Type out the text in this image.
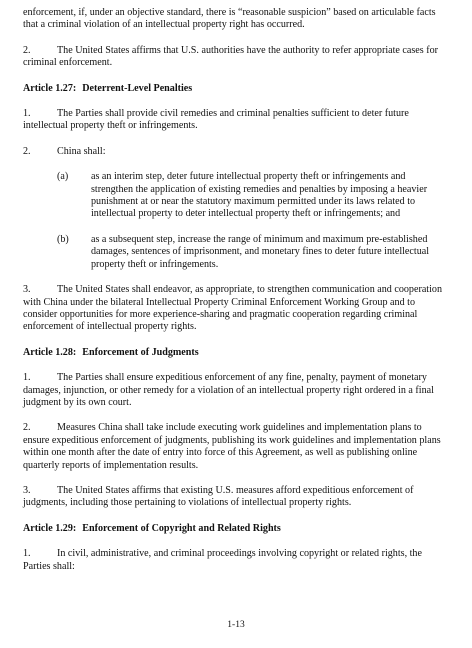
enforcement, if, under an objective standard, there is “reasonable suspicion” based on articulable facts that a criminal violation of an intellectual property right has occurred.

2.	The United States affirms that U.S. authorities have the authority to refer appropriate cases for criminal enforcement.

Article 1.27: Deterrent-Level Penalties

1.	The Parties shall provide civil remedies and criminal penalties sufficient to deter future intellectual property theft or infringements.

2.	China shall:

(a)	as an interim step, deter future intellectual property theft or infringements and strengthen the application of existing remedies and penalties by imposing a heavier punishment at or near the statutory maximum permitted under its laws related to intellectual property to deter intellectual property theft or infringements; and
(b)	as a subsequent step, increase the range of minimum and maximum pre-established damages, sentences of imprisonment, and monetary fines to deter future intellectual property theft or infringements.

3.	The United States shall endeavor, as appropriate, to strengthen communication and cooperation with China under the bilateral Intellectual Property Criminal Enforcement Working Group and to consider opportunities for more experience-sharing and pragmatic cooperation regarding criminal enforcement of intellectual property rights.

Article 1.28: Enforcement of Judgments

1.	The Parties shall ensure expeditious enforcement of any fine, penalty, payment of monetary damages, injunction, or other remedy for a violation of an intellectual property right ordered in a final judgment by its own court.

2.	Measures China shall take include executing work guidelines and implementation plans to ensure expeditious enforcement of judgments, publishing its work guidelines and implementation plans within one month after the date of entry into force of this Agreement, as well as publishing online quarterly reports of implementation results.

3.	The United States affirms that existing U.S. measures afford expeditious enforcement of judgments, including those pertaining to violations of intellectual property rights.

Article 1.29: Enforcement of Copyright and Related Rights

1.	In civil, administrative, and criminal proceedings involving copyright or related rights, the Parties shall:

1-13
